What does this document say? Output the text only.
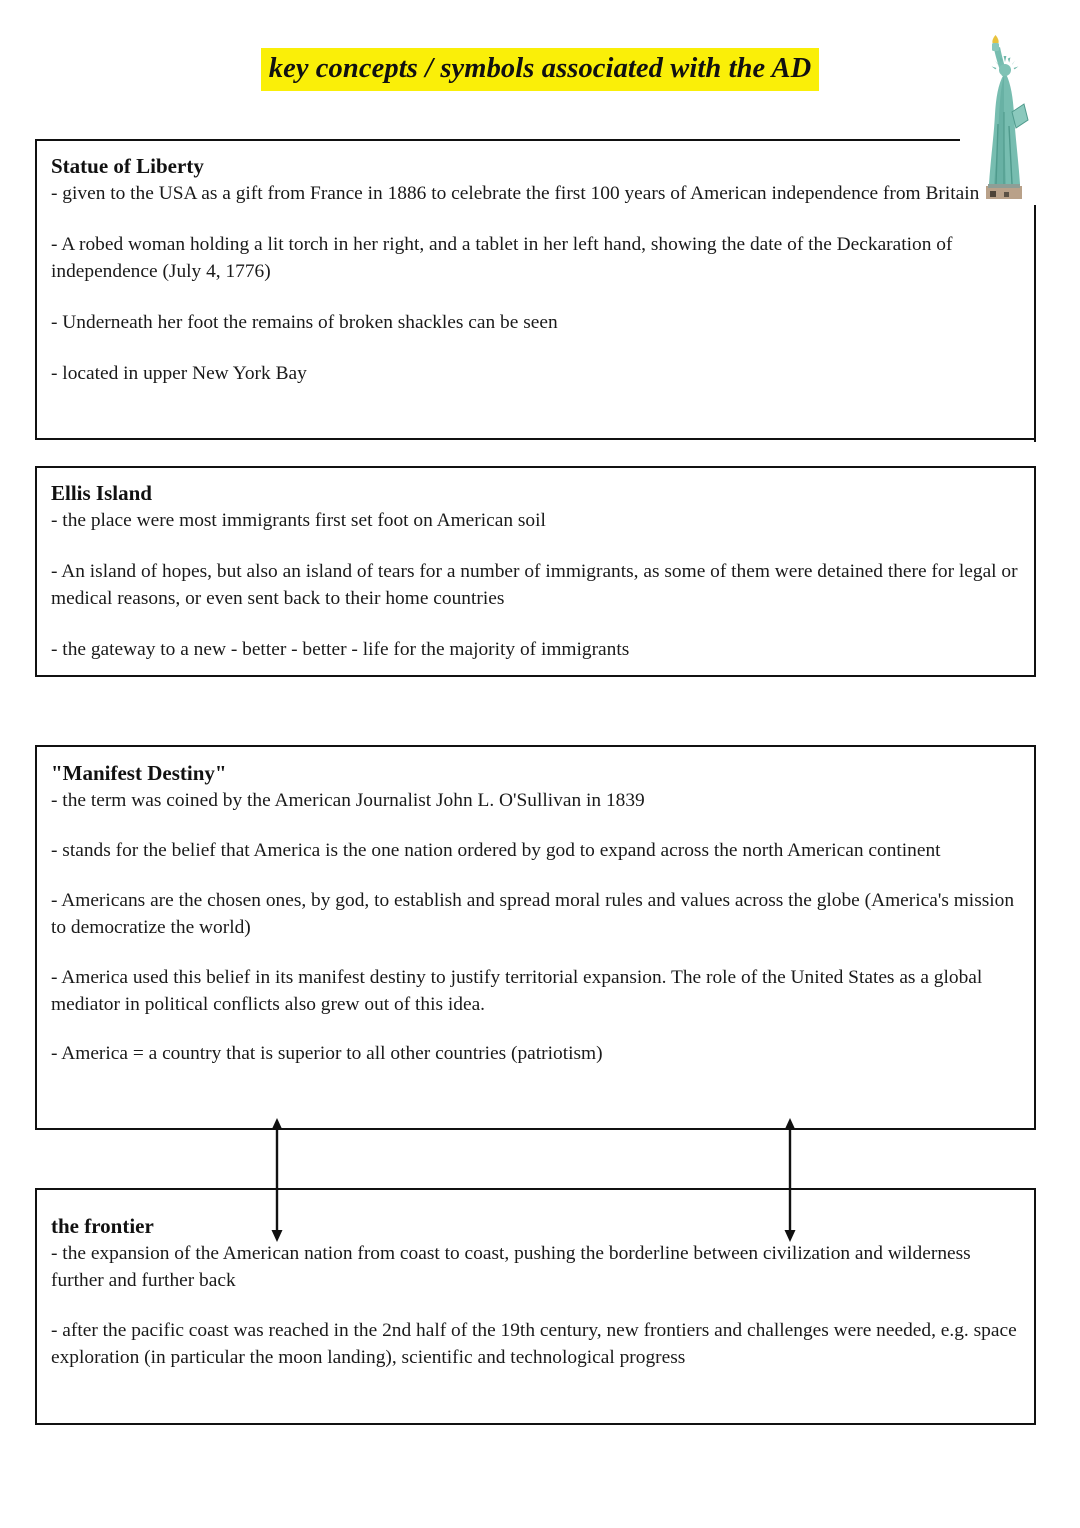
key concepts / symbols associated with the AD
Statue of Liberty

- given to the USA as a gift from France in 1886 to celebrate the first 100 years of American independence from Britain

- A robed woman holding a lit torch in her right, and a tablet in her left hand, showing the date of the Deckaration of independence (July 4, 1776)

- Underneath her foot the remains of broken shackles can be seen

- located in upper New York Bay

Ellis Island

- the place were most immigrants first set foot on American soil

- An island of hopes, but also an island of tears for a number of immigrants, as some of them were detained there for legal or medical reasons, or even sent back to their home countries

- the gateway to a new - better - better - life for the majority of immigrants

"Manifest Destiny"

- the term was coined by the American Journalist John L. O'Sullivan in 1839

- stands for the belief that America is the one nation ordered by god to expand across the north American continent

- Americans are the chosen ones, by god, to establish and spread moral rules and values across the globe (America's mission to democratize the world)

- America used this belief in its manifest destiny to justify territorial expansion. The role of the United States as a global mediator in political conflicts also grew out of this idea.

- America = a country that is superior to all other countries (patriotism)

the frontier

- the expansion of the American nation from coast to coast, pushing the borderline between civilization and wilderness further and further back

- after the pacific coast was reached in the 2nd half of the 19th century, new frontiers and challenges were needed, e.g. space exploration (in particular the moon landing), scientific and technological progress
